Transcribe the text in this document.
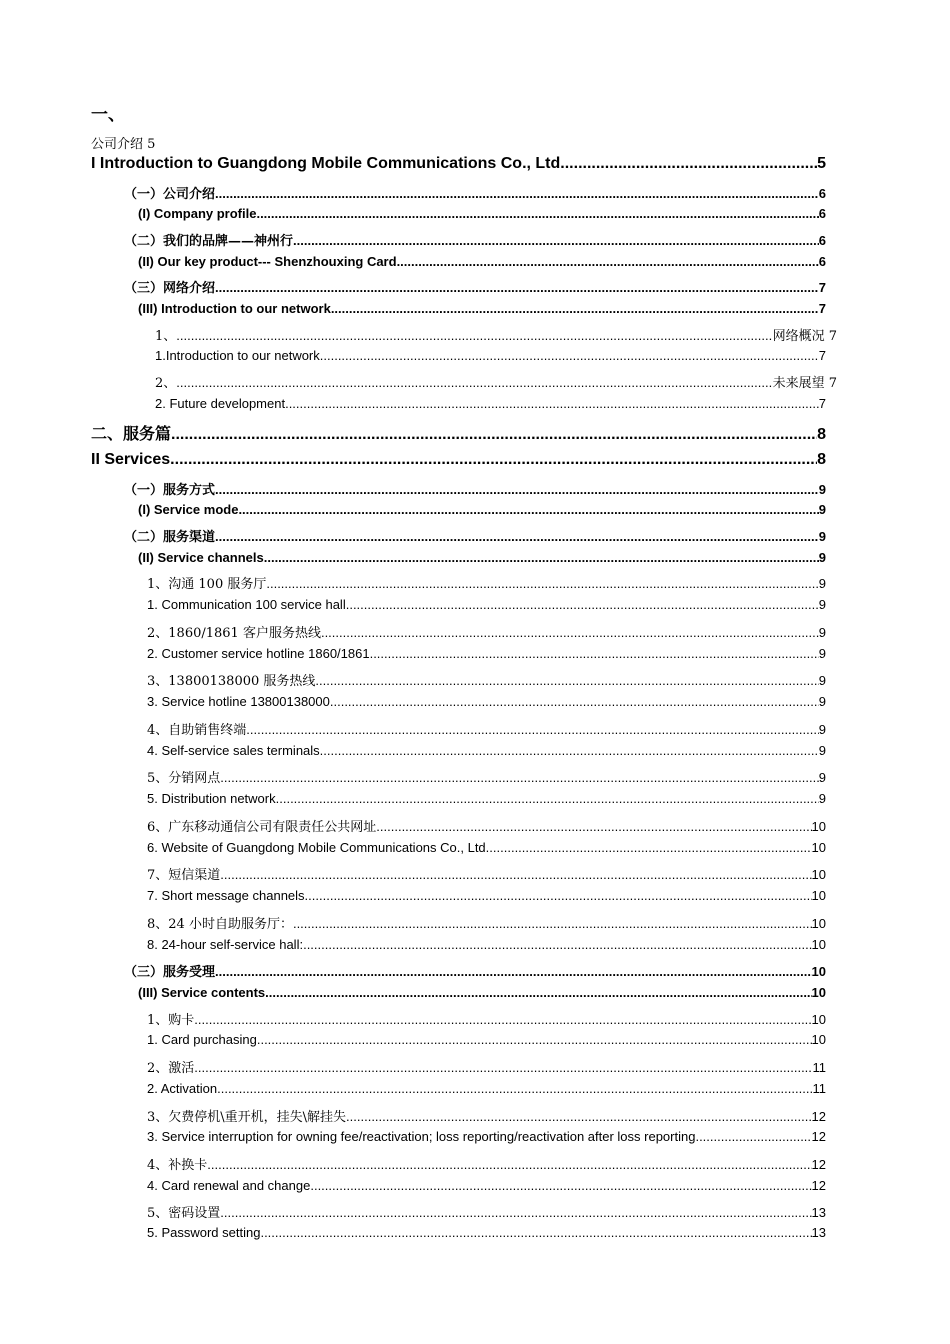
一、
公司介绍 5
I Introduction to Guangdong Mobile Communications Co., Ltd. .....	5
（一）公司介绍 .....	6
(I) Company profile .....	6
（二）我们的品牌——神州行 .....	6
(II) Our key product--- Shenzhouxing Card .....	6
（三）网络介绍 .....	7
(III) Introduction to our network .....	7
1、 .....	网络概况 7
1.Introduction to our network .....	7
2、 .....	未来展望 7
2. Future development .....	7
二、服务篇 .....	8
II Services .....	8
（一）服务方式 .....	9
(I) Service mode .....	9
（二）服务渠道 .....	9
(II) Service channels .....	9
1、沟通 100 服务厅 .....	9
1. Communication 100 service hall .....	9
2、1860/1861 客户服务热线 .....	9
2. Customer service hotline 1860/1861 .....	9
3、13800138000 服务热线 .....	9
3. Service hotline 13800138000 .....	9
4、自助销售终端 .....	9
4. Self-service sales terminals .....	9
5、分销网点 .....	9
5. Distribution network .....	9
6、广东移动通信公司有限责任公共网址 .....	10
6. Website of Guangdong Mobile Communications Co., Ltd. .....	10
7、短信渠道 .....	10
7. Short message channels .....	10
8、24 小时自助服务厅： .....	10
8. 24-hour self-service hall: .....	10
（三）服务受理 .....	10
(III) Service contents .....	10
1、购卡 .....	10
1. Card purchasing .....	10
2、激活 .....	11
2. Activation .....	11
3、欠费停机\重开机，挂失\解挂失 .....	12
3. Service interruption for owning fee/reactivation; loss reporting/reactivation after loss reporting .....	12
4、补换卡 .....	12
4. Card renewal and change .....	12
5、密码设置 .....	13
5. Password setting .....	13
